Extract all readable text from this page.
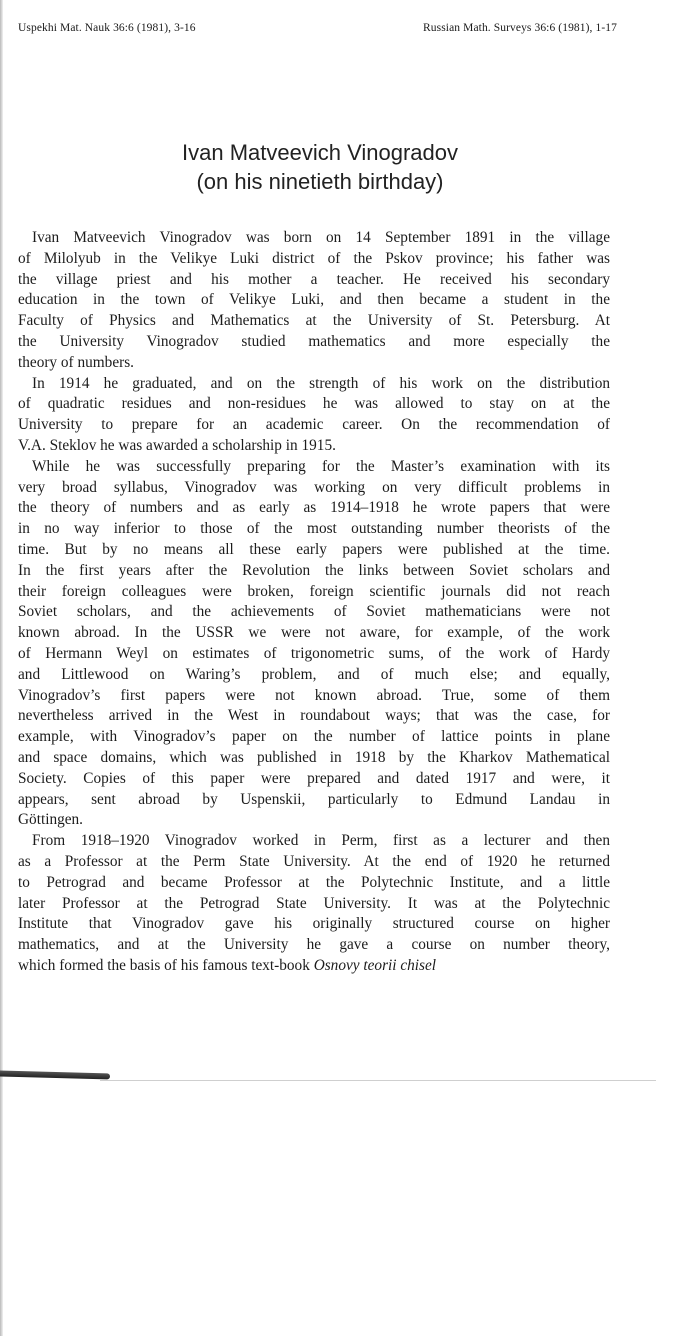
Uspekhi Mat. Nauk 36:6 (1981), 3-16	Russian Math. Surveys 36:6 (1981), 1-17
Ivan Matveevich Vinogradov
(on his ninetieth birthday)
Ivan Matveevich Vinogradov was born on 14 September 1891 in the village
of Milolyub in the Velikye Luki district of the Pskov province; his father was
the village priest and his mother a teacher. He received his secondary
education in the town of Velikye Luki, and then became a student in the
Faculty of Physics and Mathematics at the University of St. Petersburg. At
the University Vinogradov studied mathematics and more especially the
theory of numbers.
In 1914 he graduated, and on the strength of his work on the distribution
of quadratic residues and non-residues he was allowed to stay on at the
University to prepare for an academic career. On the recommendation of
V.A. Steklov he was awarded a scholarship in 1915.
While he was successfully preparing for the Master’s examination with its
very broad syllabus, Vinogradov was working on very difficult problems in
the theory of numbers and as early as 1914–1918 he wrote papers that were
in no way inferior to those of the most outstanding number theorists of the
time. But by no means all these early papers were published at the time.
In the first years after the Revolution the links between Soviet scholars and
their foreign colleagues were broken, foreign scientific journals did not reach
Soviet scholars, and the achievements of Soviet mathematicians were not
known abroad. In the USSR we were not aware, for example, of the work
of Hermann Weyl on estimates of trigonometric sums, of the work of Hardy
and Littlewood on Waring’s problem, and of much else; and equally,
Vinogradov’s first papers were not known abroad. True, some of them
nevertheless arrived in the West in roundabout ways; that was the case, for
example, with Vinogradov’s paper on the number of lattice points in plane
and space domains, which was published in 1918 by the Kharkov Mathematical
Society. Copies of this paper were prepared and dated 1917 and were, it
appears, sent abroad by Uspenskii, particularly to Edmund Landau in
Göttingen.
From 1918–1920 Vinogradov worked in Perm, first as a lecturer and then
as a Professor at the Perm State University. At the end of 1920 he returned
to Petrograd and became Professor at the Polytechnic Institute, and a little
later Professor at the Petrograd State University. It was at the Polytechnic
Institute that Vinogradov gave his originally structured course on higher
mathematics, and at the University he gave a course on number theory,
which formed the basis of his famous text-book Osnovy teorii chisel
